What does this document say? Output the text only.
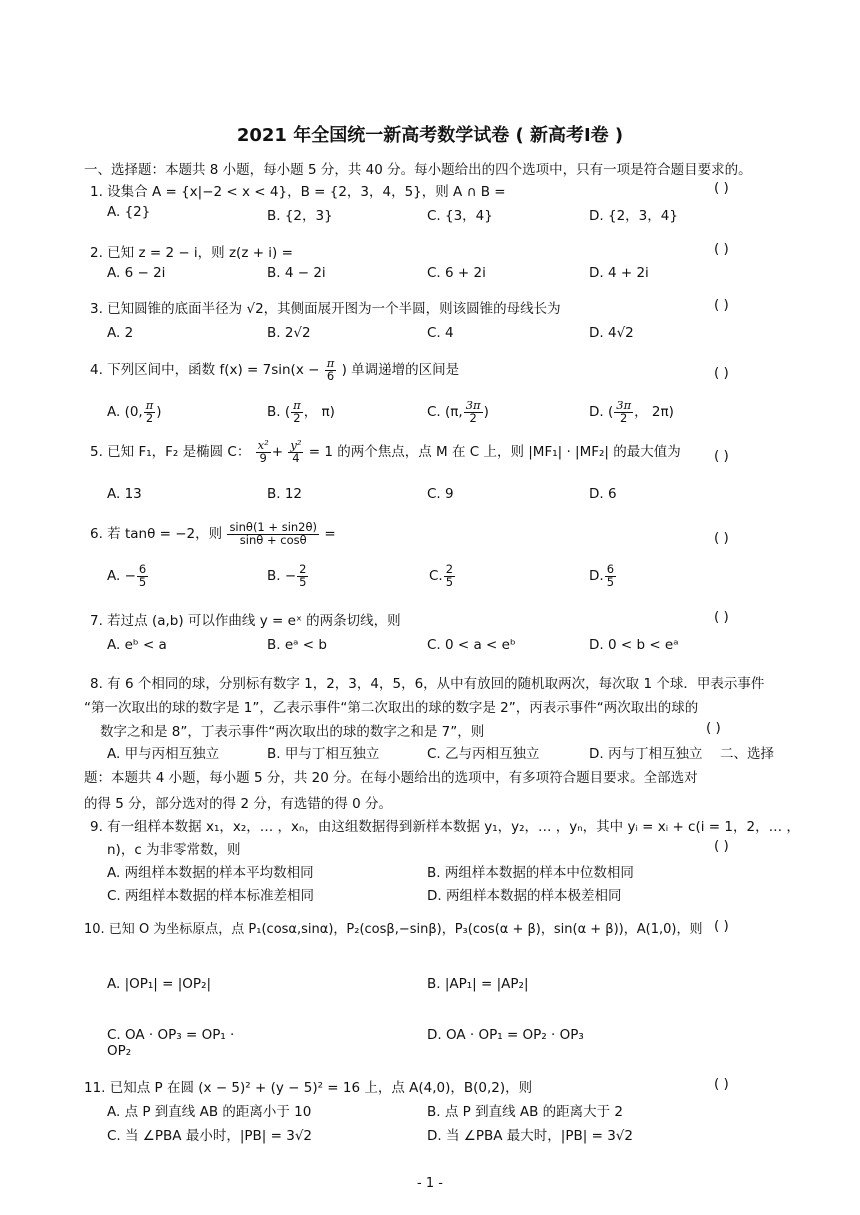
2021 年全国统一新高考数学试卷 ( 新高考Ⅰ卷 )
一、选择题：本题共 8 小题，每小题 5 分，共 40 分。每小题给出的四个选项中，只有一项是符合题目要求的。
1. 设集合 A = {x|−2 < x < 4}，B = {2，3，4，5}，则 A ∩ B =	( )
A. {2}	B. {2，3}	C. {3，4}	D. {2，3，4}
2. 已知 z = 2 − i，则 z(z + i) =	( )
A. 6 − 2i	B. 4 − 2i	C. 6 + 2i	D. 4 + 2i
3. 已知圆锥的底面半径为 √2，其侧面展开图为一个半圆，则该圆锥的母线长为	( )
A. 2	B. 2√2	C. 4	D. 4√2
4. 下列区间中，函数 $f(x) = 7\sin(x - \frac{\pi}{6}$ ) 单调递增的区间是	( )
A. (0, $\frac{\pi}{2}$ )	B. ( $\frac{\pi}{2}$ ， π)	C. (π, $\frac{3\pi}{2}$ )	D. ( $\frac{3\pi}{2}$ ， 2π)
5. 已知 F₁，F₂ 是椭圆 C： $\frac{\text{x²}}{9} + \frac{\text{y²}}{4} = 1$ 的两个焦点，点 M 在 C 上，则 |MF₁| · |MF₂| 的最大值为 ( )
A. 13	B. 12	C. 9	D. 6
6. 若 tanθ = −2，则 $\frac{\sin\theta(1 + \sin 2\theta)}{\sin\theta + \cos\theta}$ =	( )
A. − $\frac{6}{5}$	B. − $\frac{2}{5}$	C. $\frac{2}{5}$	D. $\frac{6}{5}$
7. 若过点 (a,b) 可以作曲线 y = eˣ 的两条切线，则	( )
A. eᵇ < a	B. eᵃ < b	C. 0 < a < eᵇ	D. 0 < b < eᵃ
8. 有 6 个相同的球，分别标有数字 1，2，3，4，5，6，从中有放回的随机取两次，每次取 1 个球．甲表示事件
“第一次取出的球的数字是 1”，乙表示事件“第二次取出的球的数字是 2”，丙表示事件“两次取出的球的
数字之和是 8”，丁表示事件“两次取出的球的数字之和是 7”，则	( )
A. 甲与丙相互独立	B. 甲与丁相互独立	C. 乙与丙相互独立	D. 丙与丁相互独立 二、选择
题：本题共 4 小题，每小题 5 分，共 20 分。在每小题给出的选项中，有多项符合题目要求。全部选对
的得 5 分，部分选对的得 2 分，有选错的得 0 分。
9. 有一组样本数据 x₁，x₂，… ，xₙ，由这组数据得到新样本数据 y₁，y₂，… ，yₙ，其中 yᵢ = xᵢ + c(i = 1，2，… ，
n)，c 为非零常数，则	( )
A. 两组样本数据的样本平均数相同	B. 两组样本数据的样本中位数相同
C. 两组样本数据的样本标准差相同	D. 两组样本数据的样本极差相同
10. 已知 O 为坐标原点，点 P₁(cosα,sinα)，P₂(cosβ,−sinβ)，P₃(cos(α + β)，sin(α + β))，A(1,0)，则 ( )
A. |OP₁| = |OP₂|	B. |AP₁| = |AP₂|
C. OA · OP₃ = OP₁ ·
OP₂
D. OA · OP₁ = OP₂ · OP₃
11. 已知点 P 在圆 (x − 5)² + (y − 5)² = 16 上，点 A(4,0)，B(0,2)，则	( )
A. 点 P 到直线 AB 的距离小于 10	B. 点 P 到直线 AB 的距离大于 2
C. 当 ∠PBA 最小时，|PB| = 3√2	D. 当 ∠PBA 最大时，|PB| = 3√2
- 1 -
